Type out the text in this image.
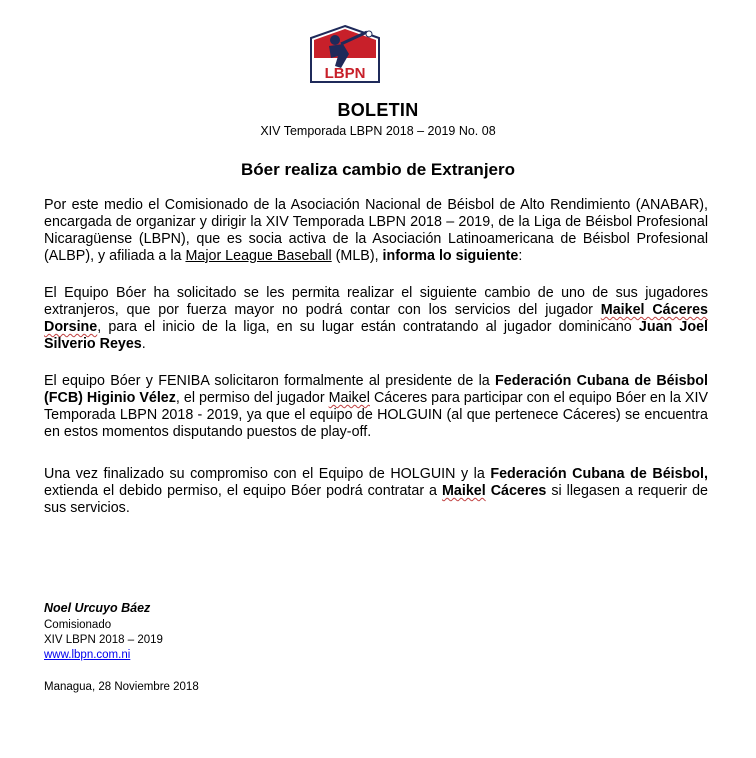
LBPN
BOLETIN
XIV Temporada LBPN 2018 – 2019 No. 08
Bóer realiza cambio de Extranjero
Por este medio el Comisionado de la Asociación Nacional de Béisbol de Alto Rendimiento (ANABAR), encargada de organizar y dirigir la XIV Temporada LBPN 2018 – 2019, de la Liga de Béisbol Profesional Nicaragüense (LBPN), que es socia activa de la Asociación Latinoamericana de Béisbol Profesional (ALBP), y afiliada a la Major League Baseball (MLB), informa lo siguiente:
El Equipo Bóer ha solicitado se les permita realizar el siguiente cambio de uno de sus jugadores extranjeros, que por fuerza mayor no podrá contar con los servicios del jugador Maikel Cáceres Dorsine, para el inicio de la liga, en su lugar están contratando al jugador dominicano Juan Joel Silverio Reyes.
El equipo Bóer y FENIBA solicitaron formalmente al presidente de la Federación Cubana de Béisbol (FCB) Higinio Vélez, el permiso del jugador Maikel Cáceres para participar con el equipo Bóer en la XIV Temporada LBPN 2018 - 2019, ya que el equipo de HOLGUIN (al que pertenece Cáceres) se encuentra en estos momentos disputando puestos de play-off.
Una vez finalizado su compromiso con el Equipo de HOLGUIN y la Federación Cubana de Béisbol, extienda el debido permiso, el equipo Bóer podrá contratar a Maikel Cáceres si llegasen a requerir de sus servicios.
Noel Urcuyo Báez
Comisionado
XIV LBPN 2018 – 2019
www.lbpn.com.ni
Managua, 28 Noviembre 2018
